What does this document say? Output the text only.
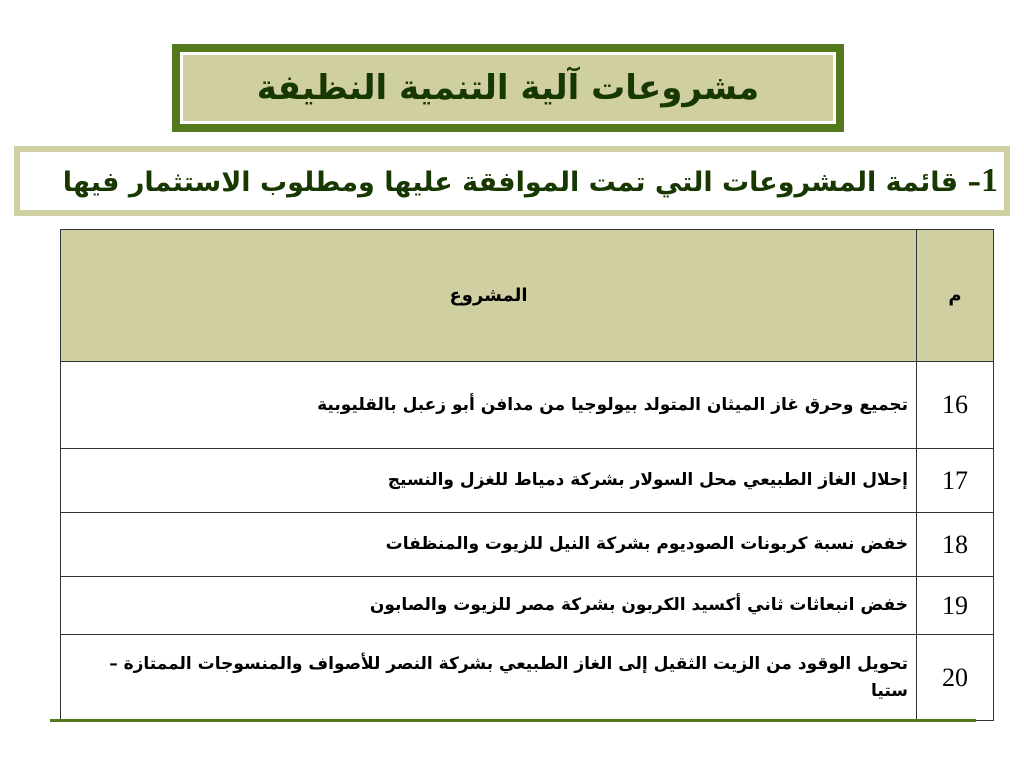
مشروعات آلية التنمية النظيفة
1– قائمة المشروعات التي تمت الموافقة عليها ومطلوب الاستثمار فيها
م	المشروع
16	تجميع وحرق غاز الميثان المتولد بيولوجيا من مدافن أبو زعبل بالقليوبية
17	إحلال الغاز الطبيعي محل السولار بشركة دمياط للغزل والنسيج
18	خفض نسبة كربونات الصوديوم بشركة النيل للزيوت والمنظفات
19	خفض انبعاثات ثاني أكسيد الكربون بشركة مصر للزيوت والصابون
20	تحويل الوقود من الزيت الثقيل إلى الغاز الطبيعي بشركة النصر للأصواف والمنسوجات الممتازة – ستيا
